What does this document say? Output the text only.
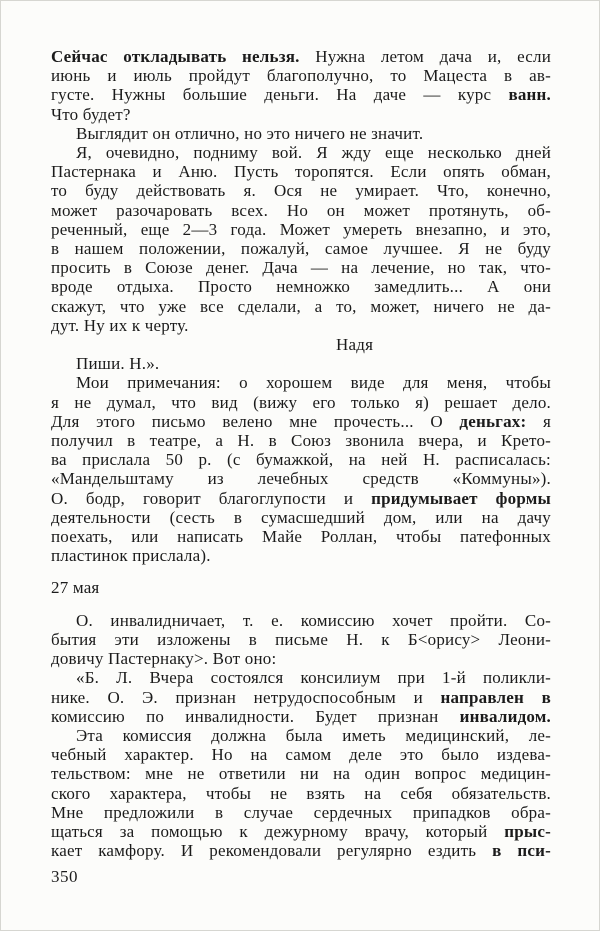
Сейчас откладывать нельзя. Нужна летом дача и, если
июнь и июль пройдут благополучно, то Мацеста в ав-
густе. Нужны большие деньги. На даче — курс ванн.
Что будет?
Выглядит он отлично, но это ничего не значит.
Я, очевидно, подниму вой. Я жду еще несколько дней
Пастернака и Аню. Пусть торопятся. Если опять обман,
то буду действовать я. Ося не умирает. Что, конечно,
может разочаровать всех. Но он может протянуть, об-
реченный, еще 2—3 года. Может умереть внезапно, и это,
в нашем положении, пожалуй, самое лучшее. Я не буду
просить в Союзе денег. Дача — на лечение, но так, что-
вроде отдыха. Просто немножко замедлить... А они
скажут, что уже все сделали, а то, может, ничего не да-
дут. Ну их к черту.
Надя
Пиши. Н.».
Мои примечания: о хорошем виде для меня, чтобы
я не думал, что вид (вижу его только я) решает дело.
Для этого письмо велено мне прочесть... О деньгах: я
получил в театре, а Н. в Союз звонила вчера, и Крето-
ва прислала 50 р. (с бумажкой, на ней Н. расписалась:
«Мандельштаму из лечебных средств «Коммуны»).
О. бодр, говорит благоглупости и придумывает формы
деятельности (сесть в сумасшедший дом, или на дачу
поехать, или написать Майе Роллан, чтобы патефонных
пластинок прислала).
27 мая
О. инвалидничает, т. е. комиссию хочет пройти. Со-
бытия эти изложены в письме Н. к Б<орису> Леони-
довичу Пастернаку>. Вот оно:
«Б. Л. Вчера состоялся консилиум при 1-й поликли-
нике. О. Э. признан нетрудоспособным и направлен в
комиссию по инвалидности. Будет признан инвалидом.
Эта комиссия должна была иметь медицинский, ле-
чебный характер. Но на самом деле это было издева-
тельством: мне не ответили ни на один вопрос медицин-
ского характера, чтобы не взять на себя обязательств.
Мне предложили в случае сердечных припадков обра-
щаться за помощью к дежурному врачу, который прыс-
кает камфору. И рекомендовали регулярно ездить в пси-
350
